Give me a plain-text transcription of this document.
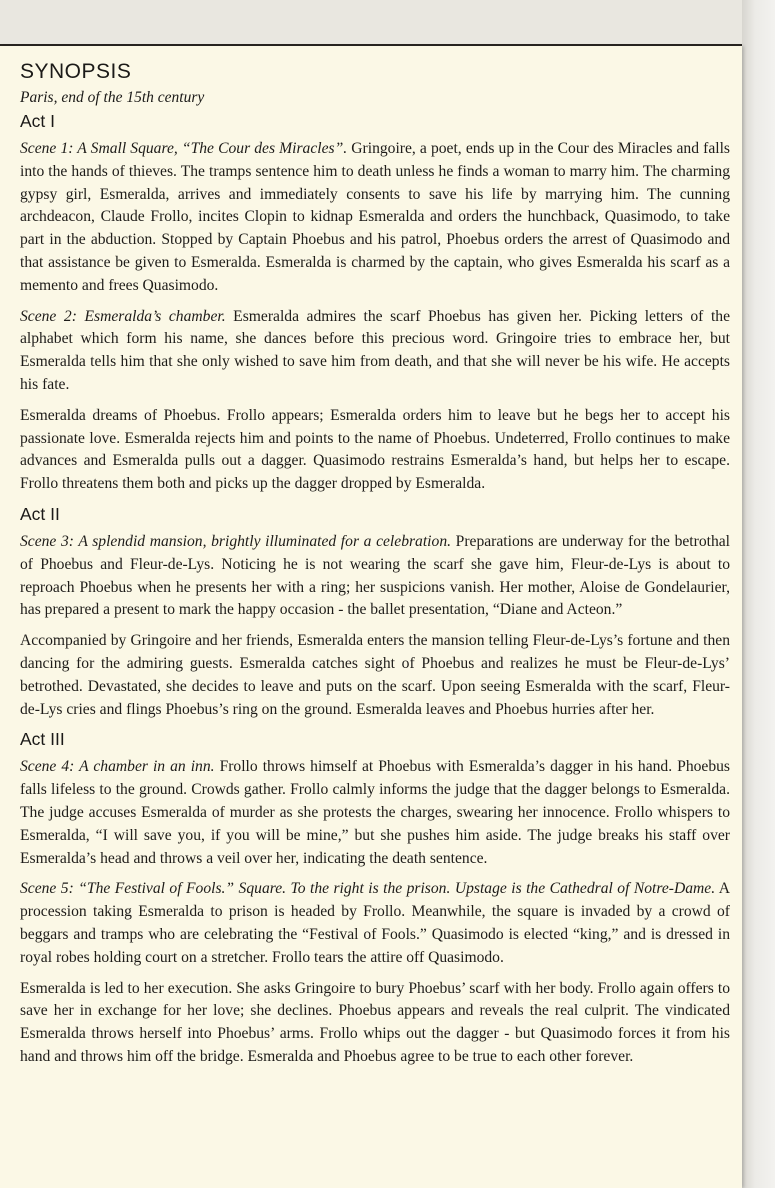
SYNOPSIS
Paris, end of the 15th century
Act I

Scene 1: A Small Square, “The Cour des Miracles”. Gringoire, a poet, ends up in the Cour des Miracles and falls into the hands of thieves. The tramps sentence him to death unless he finds a woman to marry him. The charming gypsy girl, Esmeralda, arrives and immediately consents to save his life by marrying him. The cunning archdeacon, Claude Frollo, incites Clopin to kidnap Esmeralda and orders the hunchback, Quasimodo, to take part in the abduction. Stopped by Captain Phoebus and his patrol, Phoebus orders the arrest of Quasimodo and that assistance be given to Esmeralda. Esmeralda is charmed by the captain, who gives Esmeralda his scarf as a memento and frees Quasimodo.

Scene 2: Esmeralda’s chamber. Esmeralda admires the scarf Phoebus has given her. Picking letters of the alphabet which form his name, she dances before this precious word. Gringoire tries to embrace her, but Esmeralda tells him that she only wished to save him from death, and that she will never be his wife. He accepts his fate.

Esmeralda dreams of Phoebus. Frollo appears; Esmeralda orders him to leave but he begs her to accept his passionate love. Esmeralda rejects him and points to the name of Phoebus. Undeterred, Frollo continues to make advances and Esmeralda pulls out a dagger. Quasimodo restrains Esmeralda’s hand, but helps her to escape. Frollo threatens them both and picks up the dagger dropped by Esmeralda.

Act II

Scene 3: A splendid mansion, brightly illuminated for a celebration. Preparations are underway for the betrothal of Phoebus and Fleur-de-Lys. Noticing he is not wearing the scarf she gave him, Fleur-de-Lys is about to reproach Phoebus when he presents her with a ring; her suspicions vanish. Her mother, Aloise de Gondelaurier, has prepared a present to mark the happy occasion - the ballet presentation, “Diane and Acteon.”

Accompanied by Gringoire and her friends, Esmeralda enters the mansion telling Fleur-de-Lys’s fortune and then dancing for the admiring guests. Esmeralda catches sight of Phoebus and realizes he must be Fleur-de-Lys’ betrothed. Devastated, she decides to leave and puts on the scarf. Upon seeing Esmeralda with the scarf, Fleur-de-Lys cries and flings Phoebus’s ring on the ground. Esmeralda leaves and Phoebus hurries after her.

Act III

Scene 4: A chamber in an inn. Frollo throws himself at Phoebus with Esmeralda’s dagger in his hand. Phoebus falls lifeless to the ground. Crowds gather. Frollo calmly informs the judge that the dagger belongs to Esmeralda. The judge accuses Esmeralda of murder as she protests the charges, swearing her innocence. Frollo whispers to Esmeralda, “I will save you, if you will be mine,” but she pushes him aside. The judge breaks his staff over Esmeralda’s head and throws a veil over her, indicating the death sentence.

Scene 5: “The Festival of Fools.” Square. To the right is the prison. Upstage is the Cathedral of Notre-Dame. A procession taking Esmeralda to prison is headed by Frollo. Meanwhile, the square is invaded by a crowd of beggars and tramps who are celebrating the “Festival of Fools.” Quasimodo is elected “king,” and is dressed in royal robes holding court on a stretcher. Frollo tears the attire off Quasimodo.

Esmeralda is led to her execution. She asks Gringoire to bury Phoebus’ scarf with her body. Frollo again offers to save her in exchange for her love; she declines. Phoebus appears and reveals the real culprit. The vindicated Esmeralda throws herself into Phoebus’ arms. Frollo whips out the dagger - but Quasimodo forces it from his hand and throws him off the bridge. Esmeralda and Phoebus agree to be true to each other forever.
